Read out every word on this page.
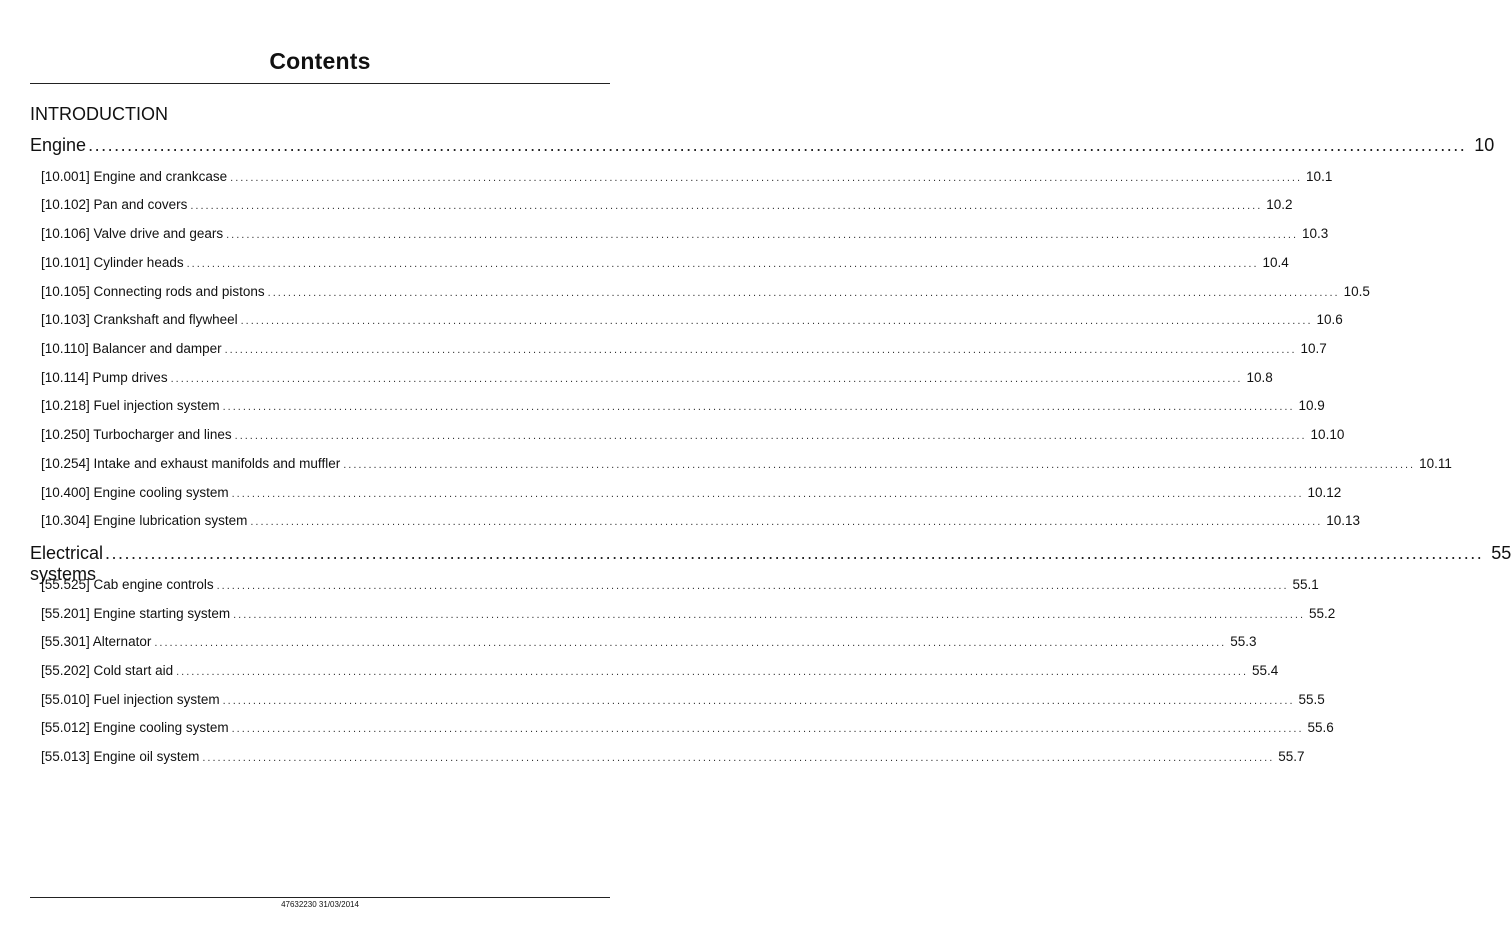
Contents
INTRODUCTION
Engine .................................................................................................................................................................................................................... 10
[10.001] Engine and crankcase .................................................................................................................................................................................................................... 10.1
[10.102] Pan and covers .................................................................................................................................................................................................................... 10.2
[10.106] Valve drive and gears .................................................................................................................................................................................................................... 10.3
[10.101] Cylinder heads .................................................................................................................................................................................................................... 10.4
[10.105] Connecting rods and pistons .................................................................................................................................................................................................................... 10.5
[10.103] Crankshaft and flywheel .................................................................................................................................................................................................................... 10.6
[10.110] Balancer and damper .................................................................................................................................................................................................................... 10.7
[10.114] Pump drives .................................................................................................................................................................................................................... 10.8
[10.218] Fuel injection system .................................................................................................................................................................................................................... 10.9
[10.250] Turbocharger and lines .................................................................................................................................................................................................................... 10.10
[10.254] Intake and exhaust manifolds and muffler .................................................................................................................................................................................................................... 10.11
[10.400] Engine cooling system .................................................................................................................................................................................................................... 10.12
[10.304] Engine lubrication system .................................................................................................................................................................................................................... 10.13
Electrical systems
.................................................................................................................................................................................................................... 55
[55.525] Cab engine controls .................................................................................................................................................................................................................... 55.1
[55.201] Engine starting system .................................................................................................................................................................................................................... 55.2
[55.301] Alternator .................................................................................................................................................................................................................... 55.3
[55.202] Cold start aid .................................................................................................................................................................................................................... 55.4
[55.010] Fuel injection system .................................................................................................................................................................................................................... 55.5
[55.012] Engine cooling system .................................................................................................................................................................................................................... 55.6
[55.013] Engine oil system .................................................................................................................................................................................................................... 55.7
47632230 31/03/2014
